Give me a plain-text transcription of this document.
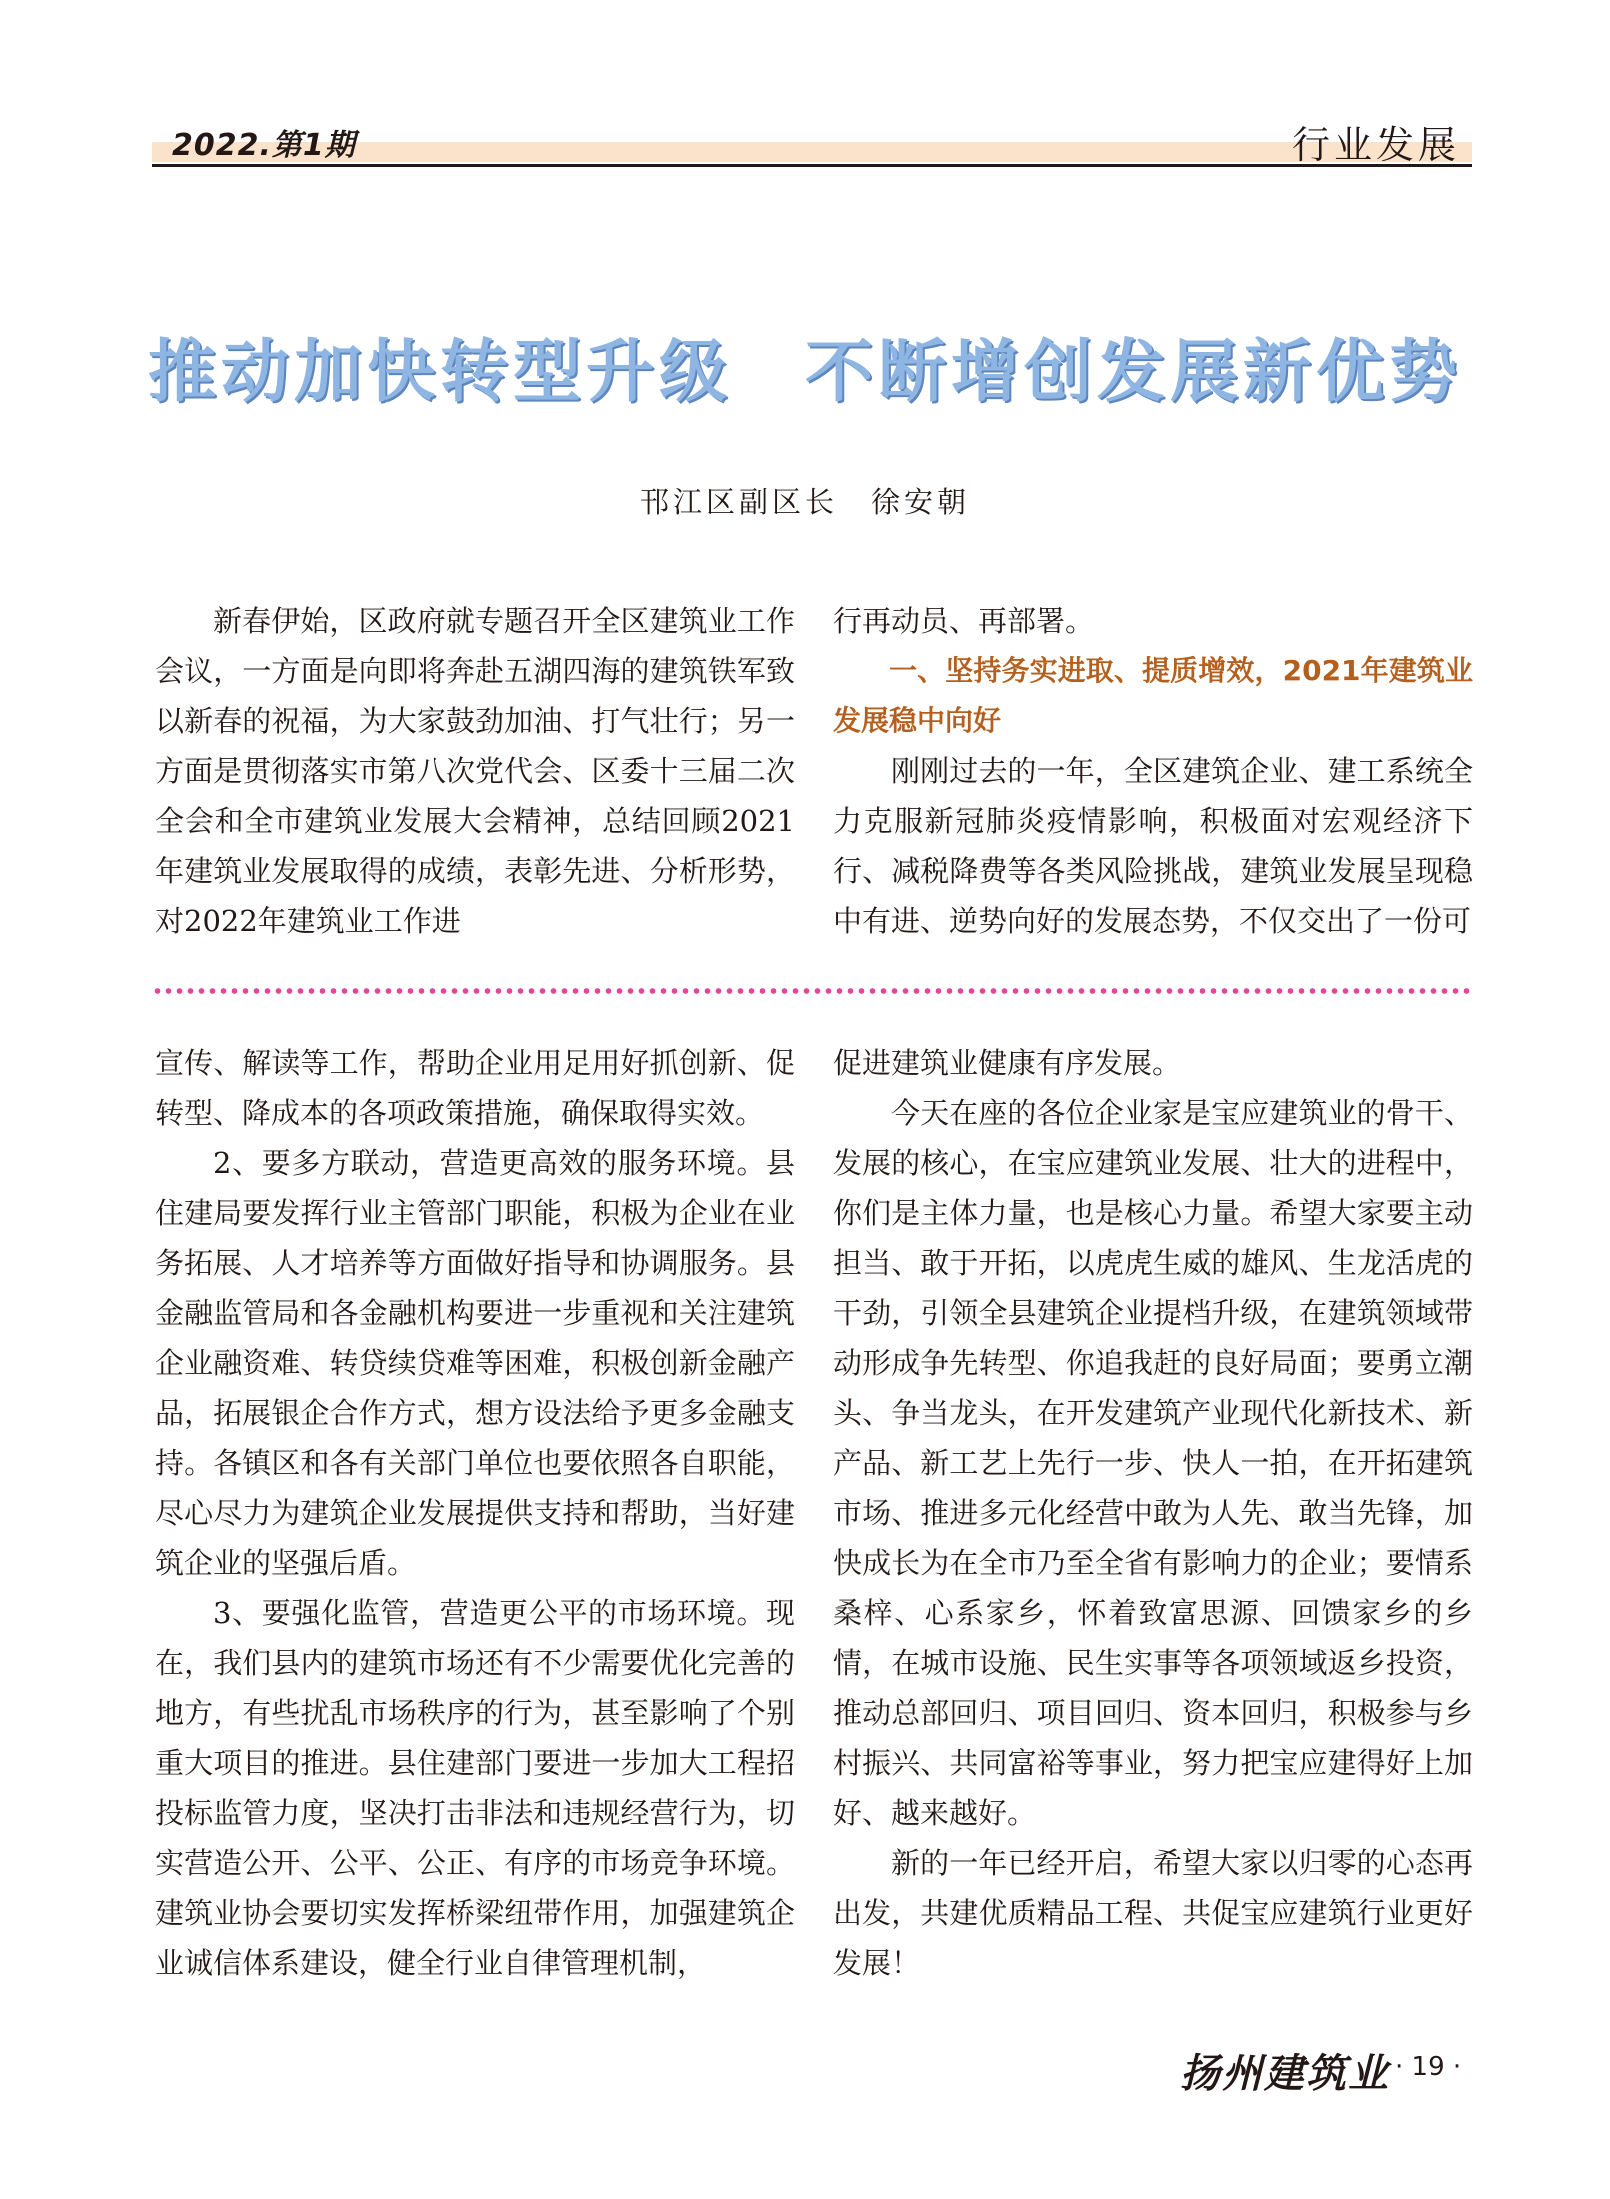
2022.第1期	行业发展
推动加快转型升级　不断增创发展新优势
邗江区副区长　徐安朝

新春伊始，区政府就专题召开全区建筑业工作会议，一方面是向即将奔赴五湖四海的建筑铁军致以新春的祝福，为大家鼓劲加油、打气壮行；另一方面是贯彻落实市第八次党代会、区委十三届二次全会和全市建筑业发展大会精神，总结回顾2021年建筑业发展取得的成绩，表彰先进、分析形势，对2022年建筑业工作进

行再动员、再部署。

一、坚持务实进取、提质增效，2021年建筑业发展稳中向好

刚刚过去的一年，全区建筑企业、建工系统全力克服新冠肺炎疫情影响，积极面对宏观经济下行、减税降费等各类风险挑战，建筑业发展呈现稳中有进、逆势向好的发展态势，不仅交出了一份可

宣传、解读等工作，帮助企业用足用好抓创新、促转型、降成本的各项政策措施，确保取得实效。

2、要多方联动，营造更高效的服务环境。县住建局要发挥行业主管部门职能，积极为企业在业务拓展、人才培养等方面做好指导和协调服务。县金融监管局和各金融机构要进一步重视和关注建筑企业融资难、转贷续贷难等困难，积极创新金融产品，拓展银企合作方式，想方设法给予更多金融支持。各镇区和各有关部门单位也要依照各自职能，尽心尽力为建筑企业发展提供支持和帮助，当好建筑企业的坚强后盾。

3、要强化监管，营造更公平的市场环境。现在，我们县内的建筑市场还有不少需要优化完善的地方，有些扰乱市场秩序的行为，甚至影响了个别重大项目的推进。县住建部门要进一步加大工程招投标监管力度，坚决打击非法和违规经营行为，切实营造公开、公平、公正、有序的市场竞争环境。建筑业协会要切实发挥桥梁纽带作用，加强建筑企业诚信体系建设，健全行业自律管理机制，

促进建筑业健康有序发展。

今天在座的各位企业家是宝应建筑业的骨干、发展的核心，在宝应建筑业发展、壮大的进程中，你们是主体力量，也是核心力量。希望大家要主动担当、敢于开拓，以虎虎生威的雄风、生龙活虎的干劲，引领全县建筑企业提档升级，在建筑领域带动形成争先转型、你追我赶的良好局面；要勇立潮头、争当龙头，在开发建筑产业现代化新技术、新产品、新工艺上先行一步、快人一拍，在开拓建筑市场、推进多元化经营中敢为人先、敢当先锋，加快成长为在全市乃至全省有影响力的企业；要情系桑梓、心系家乡，怀着致富思源、回馈家乡的乡情，在城市设施、民生实事等各项领域返乡投资，推动总部回归、项目回归、资本回归，积极参与乡村振兴、共同富裕等事业，努力把宝应建得好上加好、越来越好。

新的一年已经开启，希望大家以归零的心态再出发，共建优质精品工程、共促宝应建筑行业更好发展！

扬州建筑业 · 19 ·
